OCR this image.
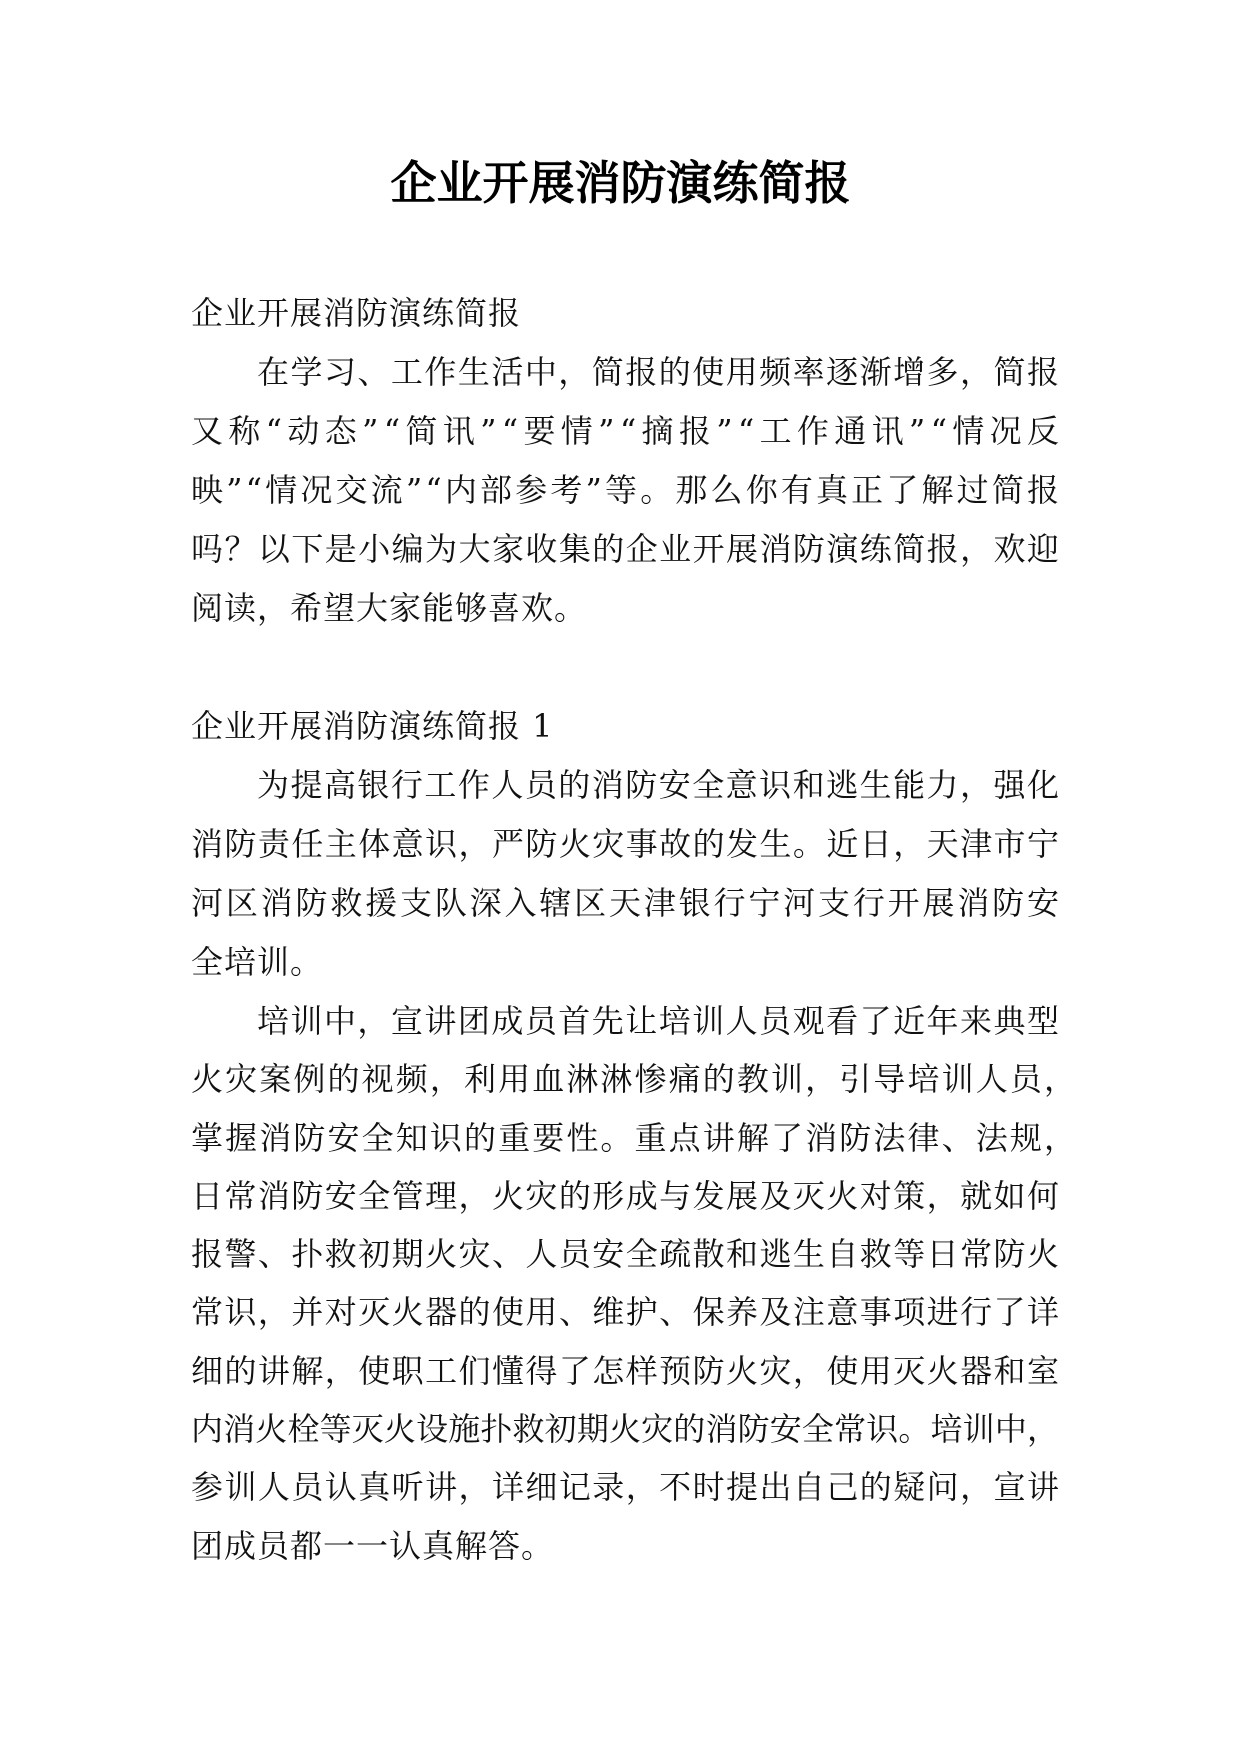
企业开展消防演练简报
企业开展消防演练简报
在学习、工作生活中，简报的使用频率逐渐增多，简报
又称“动态”“简讯”“要情”“摘报”“工作通讯”“情况反
映”“情况交流”“内部参考”等。那么你有真正了解过简报
吗？以下是小编为大家收集的企业开展消防演练简报，欢迎
阅读，希望大家能够喜欢。
企业开展消防演练简报 1
为提高银行工作人员的消防安全意识和逃生能力，强化
消防责任主体意识，严防火灾事故的发生。近日，天津市宁
河区消防救援支队深入辖区天津银行宁河支行开展消防安
全培训。
培训中，宣讲团成员首先让培训人员观看了近年来典型
火灾案例的视频，利用血淋淋惨痛的教训，引导培训人员，
掌握消防安全知识的重要性。重点讲解了消防法律、法规，
日常消防安全管理，火灾的形成与发展及灭火对策，就如何
报警、扑救初期火灾、人员安全疏散和逃生自救等日常防火
常识，并对灭火器的使用、维护、保养及注意事项进行了详
细的讲解，使职工们懂得了怎样预防火灾，使用灭火器和室
内消火栓等灭火设施扑救初期火灾的消防安全常识。培训中，
参训人员认真听讲，详细记录，不时提出自己的疑问，宣讲
团成员都一一认真解答。
